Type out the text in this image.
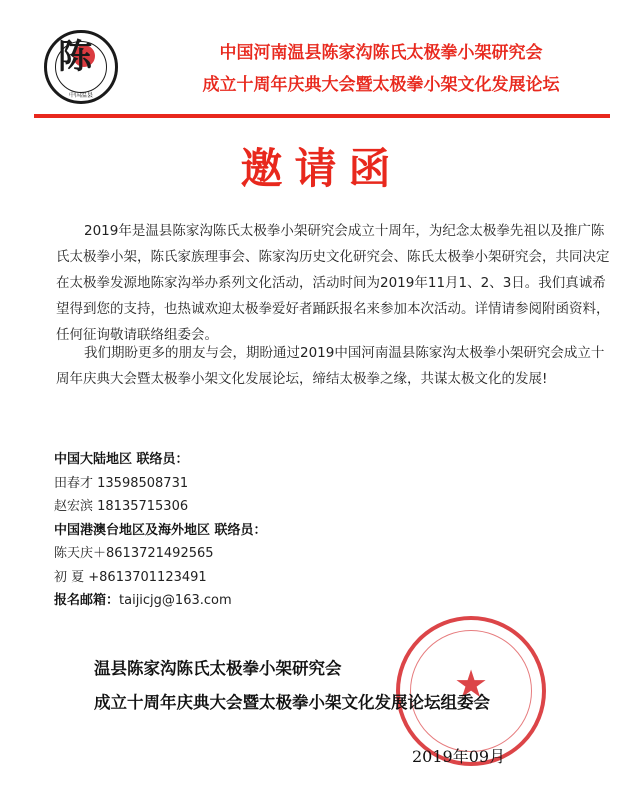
陈
中国温县
中国河南温县陈家沟陈氏太极拳小架研究会
成立十周年庆典大会暨太极拳小架文化发展论坛
邀请函

2019年是温县陈家沟陈氏太极拳小架研究会成立十周年，为纪念太极拳先祖以及推广陈氏太极拳小架，陈氏家族理事会、陈家沟历史文化研究会、陈氏太极拳小架研究会，共同决定在太极拳发源地陈家沟举办系列文化活动，活动时间为2019年11月1、2、3日。我们真诚希望得到您的支持，也热诚欢迎太极拳爱好者踊跃报名来参加本次活动。详情请参阅附函资料，任何征询敬请联络组委会。

我们期盼更多的朋友与会，期盼通过2019中国河南温县陈家沟太极拳小架研究会成立十周年庆典大会暨太极拳小架文化发展论坛，缔结太极拳之缘，共谋太极文化的发展!

中国大陆地区 联络员：
田春才 13598508731
赵宏滨 18135715306
中国港澳台地区及海外地区 联络员：
陈天庆＋8613721492565
初 夏 +8613701123491
报名邮箱：taijicjg@163.com
★
温县陈家沟陈氏太极拳小架研究会
成立十周年庆典大会暨太极拳小架文化发展论坛组委会
2019年09月
